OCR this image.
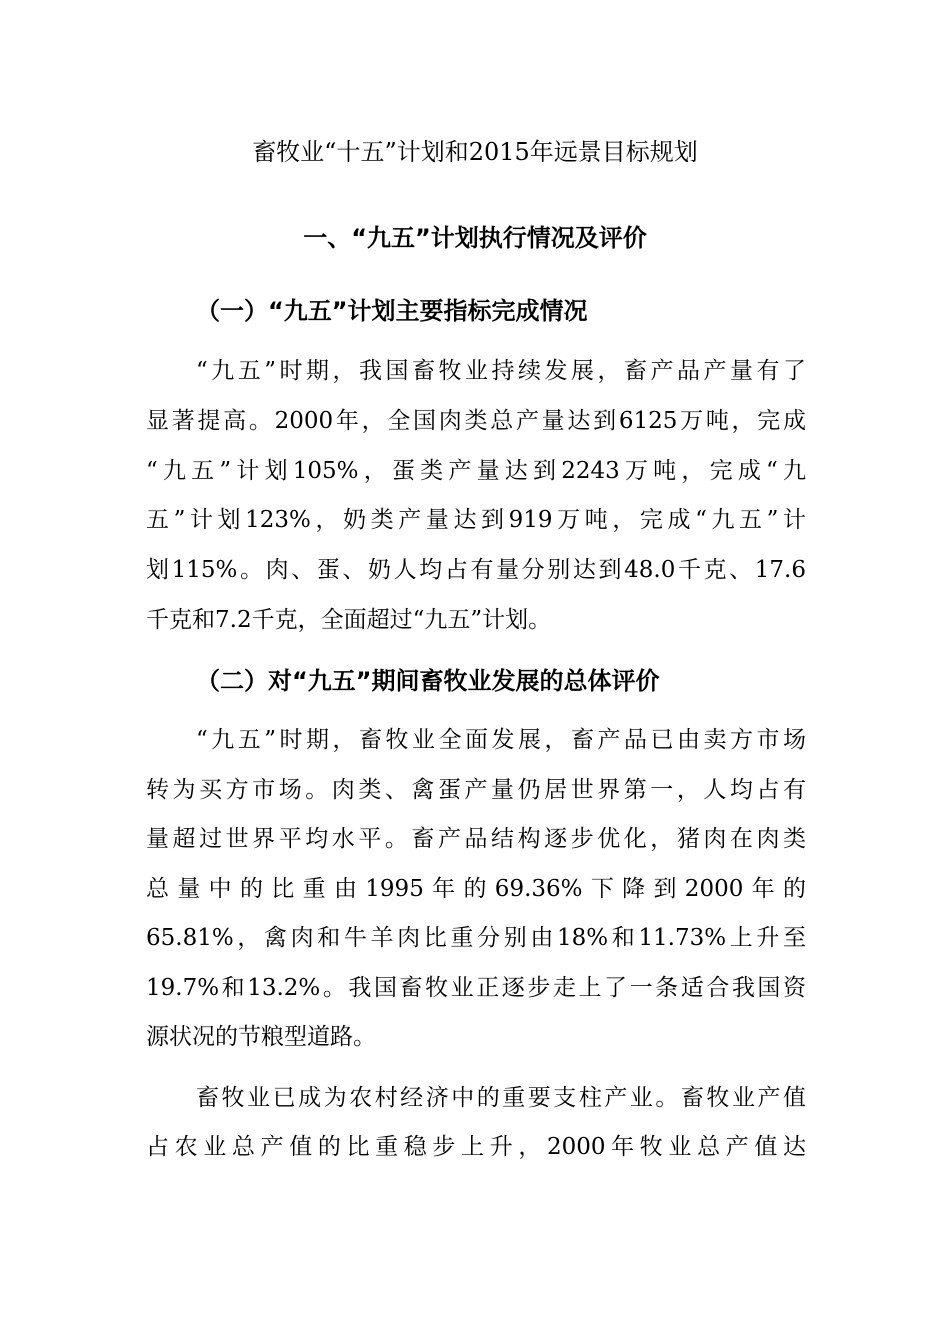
畜牧业“十五”计划和2015年远景目标规划
一、“九五”计划执行情况及评价
（一）“九五”计划主要指标完成情况
“九五”时期，我国畜牧业持续发展，畜产品产量有了
显著提高。2000年，全国肉类总产量达到6125万吨，完成
“九五”计划105%，蛋类产量达到2243万吨，完成“九
五”计划123%，奶类产量达到919万吨，完成“九五”计
划115%。肉、蛋、奶人均占有量分别达到48.0千克、17.6
千克和7.2千克，全面超过“九五”计划。
（二）对“九五”期间畜牧业发展的总体评价
“九五”时期，畜牧业全面发展，畜产品已由卖方市场
转为买方市场。肉类、禽蛋产量仍居世界第一，人均占有
量超过世界平均水平。畜产品结构逐步优化，猪肉在肉类
总量中的比重由1995年的69.36%下降到2000年的
65.81%，禽肉和牛羊肉比重分别由18%和11.73%上升至
19.7%和13.2%。我国畜牧业正逐步走上了一条适合我国资
源状况的节粮型道路。
畜牧业已成为农村经济中的重要支柱产业。畜牧业产值
占农业总产值的比重稳步上升，2000年牧业总产值达
